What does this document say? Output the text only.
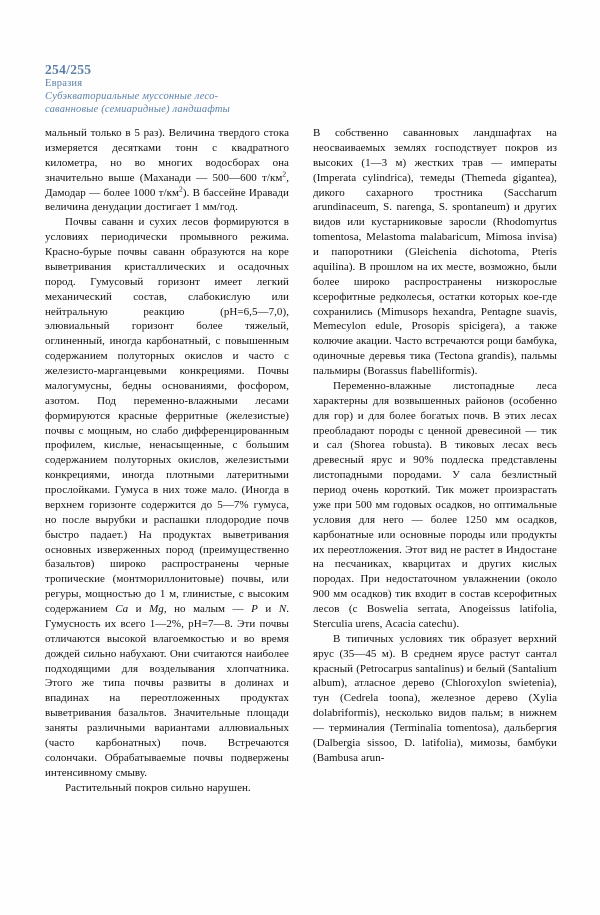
254/255
Евразия
Субэкваториальные муссонные лесо-
саванновые (семиаридные) ландшафты

мальный только в 5 раз). Величина твердого стока измеряется десятками тонн с квадратного километра, но во многих водосборах она значительно выше (Маханади — 500—600 $т/км^2$, Дамодар — более 1000 $т/км^2$). В бассейне Иравади величина денудации достигает 1 мм/год.

Почвы саванн и сухих лесов формируются в условиях периодически промывного режима. Красно-бурые почвы саванн образуются на коре выветривания кристаллических и осадочных пород. Гумусовый горизонт имеет легкий механический состав, слабокислую или нейтральную реакцию (pH=6,5—7,0), элювиальный горизонт более тяжелый, оглиненный, иногда карбонатный, с повышенным содержанием полуторных окислов и часто с железисто-марганцевыми конкрециями. Почвы малогумусны, бедны основаниями, фосфором, азотом. Под переменно-влажными лесами формируются красные ферритные (железистые) почвы с мощным, но слабо дифференцированным профилем, кислые, ненасыщенные, с большим содержанием полуторных окислов, железистыми конкрециями, иногда плотными латеритными прослойками. Гумуса в них тоже мало. (Иногда в верхнем горизонте содержится до 5—7% гумуса, но после вырубки и распашки плодородие почв быстро падает.) На продуктах выветривания основных изверженных пород (преимущественно базальтов) широко распространены черные тропические (монтмориллонитовые) почвы, или регуры, мощностью до 1 м, глинистые, с высоким содержанием Ca и Mg, но малым — P и N. Гумусность их всего 1—2%, pH=7—8. Эти почвы отличаются высокой влагоемкостью и во время дождей сильно набухают. Они считаются наиболее подходящими для возделывания хлопчатника. Этого же типа почвы развиты в долинах и впадинах на переотложенных продуктах выветривания базальтов. Значительные площади заняты различными вариантами аллювиальных (часто карбонатных) почв. Встречаются солончаки. Обрабатываемые почвы подвержены интенсивному смыву.

Растительный покров сильно нарушен.

В собственно саванновых ландшафтах на неосваиваемых землях господствует покров из высоких (1—3 м) жестких трав — императы (Imperata cylindrica), темеды (Themeda gigantea), дикого сахарного тростника (Saccharum arundinaceum, S. narenga, S. spontaneum) и других видов или кустарниковые заросли (Rhodomyrtus tomentosa, Melastoma malabaricum, Mimosa invisa) и папоротники (Gleichenia dichotoma, Pteris aquilina). В прошлом на их месте, возможно, были более широко распространены низкорослые ксерофитные редколесья, остатки которых кое-где сохранились (Mimusops hexandra, Pentagne suavis, Memecylon edule, Prosopis spicigera), а также колючие акации. Часто встречаются рощи бамбука, одиночные деревья тика (Tectona grandis), пальмы пальмиры (Borassus flabelliformis).

Переменно-влажные листопадные леса характерны для возвышенных районов (особенно для гор) и для более богатых почв. В этих лесах преобладают породы с ценной древесиной — тик и сал (Shorea robusta). В тиковых лесах весь древесный ярус и 90% подлеска представлены листопадными породами. У сала безлистный период очень короткий. Тик может произрастать уже при 500 мм годовых осадков, но оптимальные условия для него — более 1250 мм осадков, карбонатные или основные породы или продукты их переотложения. Этот вид не растет в Индостане на песчаниках, кварцитах и других кислых породах. При недостаточном увлажнении (около 900 мм осадков) тик входит в состав ксерофитных лесов (с Boswelia serrata, Anogeissus latifolia, Sterculia urens, Acacia catechu).

В типичных условиях тик образует верхний ярус (35—45 м). В среднем ярусе растут сантал красный (Petrocarpus santalinus) и белый (Santalium album), атласное дерево (Chloroxylon swietenia), тун (Cedrela toona), железное дерево (Xylia dolabriformis), несколько видов пальм; в нижнем — терминалия (Terminalia tomentosa), дальбергия (Dalbergia sissoo, D. latifolia), мимозы, бамбуки (Bambusa arun-
